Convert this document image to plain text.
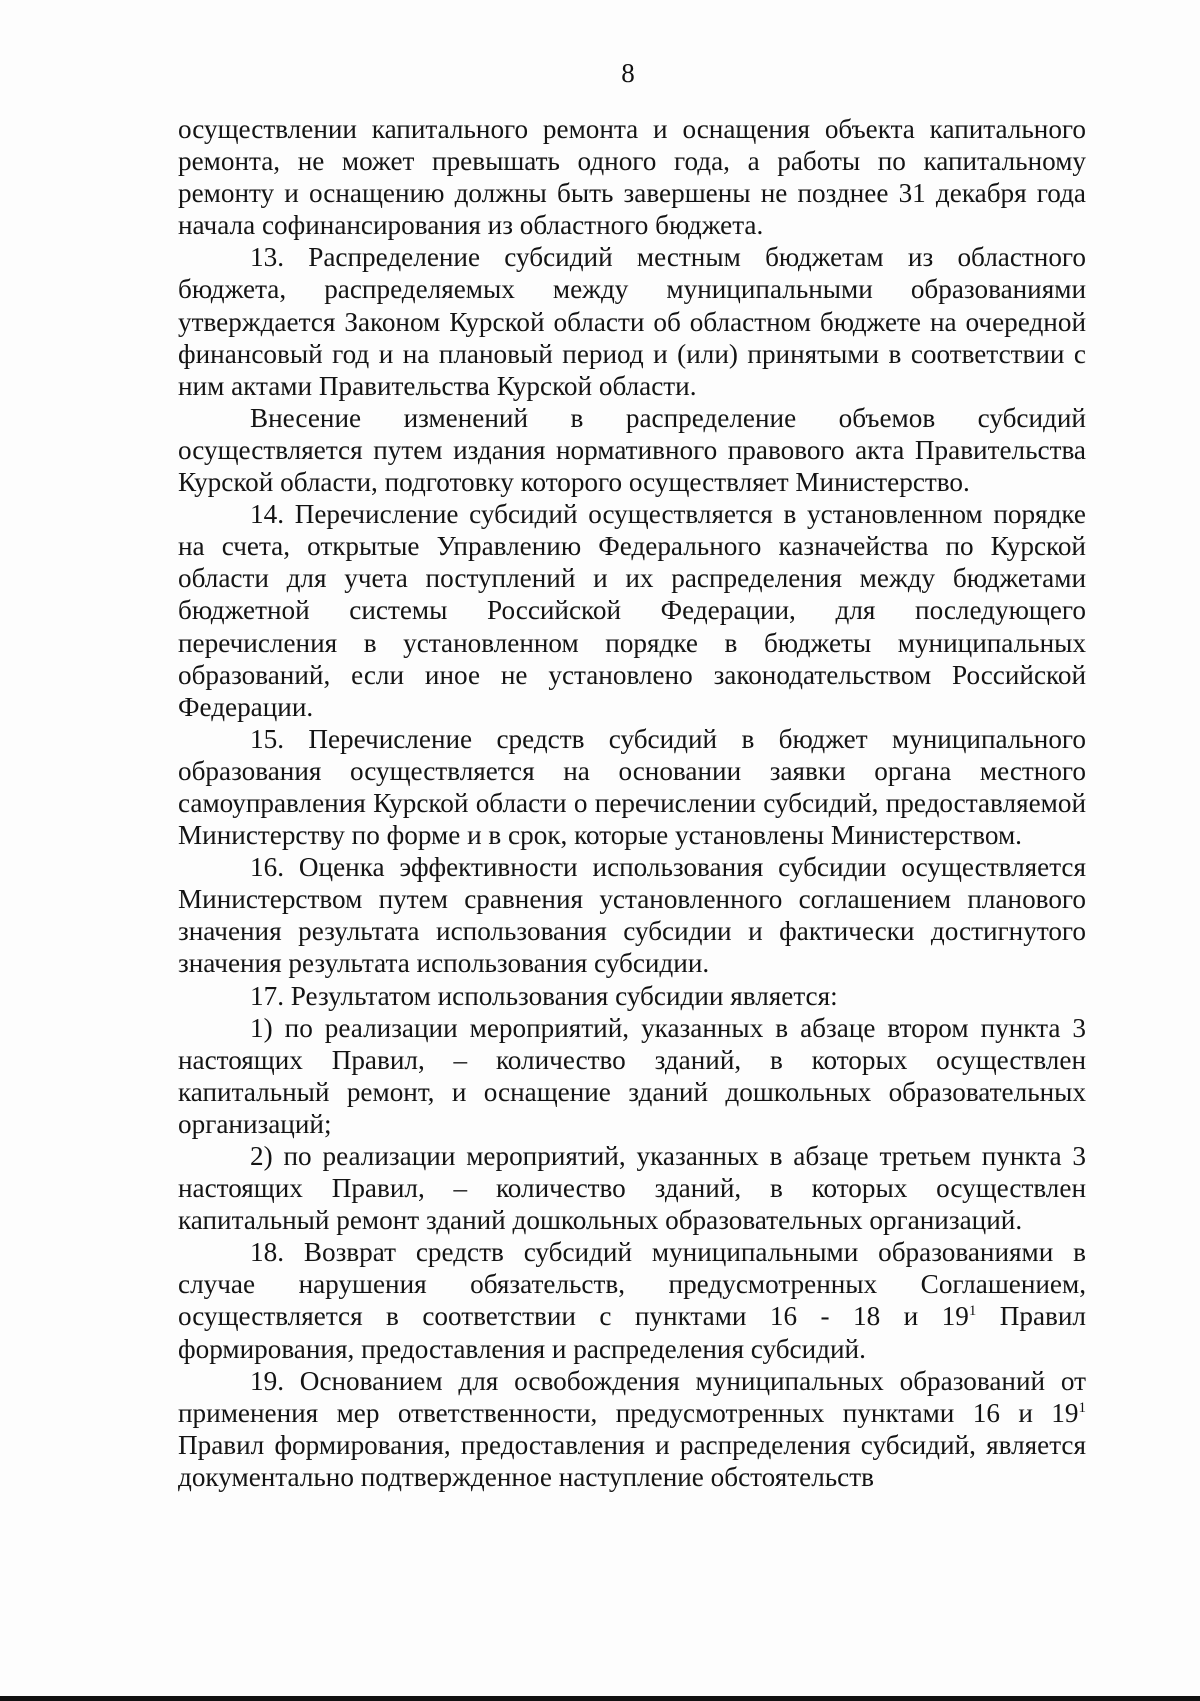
8

осуществлении капитального ремонта и оснащения объекта капитального ремонта, не может превышать одного года, а работы по капитальному ремонту и оснащению должны быть завершены не позднее 31 декабря года начала софинансирования из областного бюджета.

13. Распределение субсидий местным бюджетам из областного бюджета, распределяемых между муниципальными образованиями утверждается Законом Курской области об областном бюджете на очередной финансовый год и на плановый период и (или) принятыми в соответствии с ним актами Правительства Курской области.

Внесение изменений в распределение объемов субсидий осуществляется путем издания нормативного правового акта Правительства Курской области, подготовку которого осуществляет Министерство.

14. Перечисление субсидий осуществляется в установленном порядке на счета, открытые Управлению Федерального казначейства по Курской области для учета поступлений и их распределения между бюджетами бюджетной системы Российской Федерации, для последующего перечисления в установленном порядке в бюджеты муниципальных образований, если иное не установлено законодательством Российской Федерации.

15. Перечисление средств субсидий в бюджет муниципального образования осуществляется на основании заявки органа местного самоуправления Курской области о перечислении субсидий, предоставляемой Министерству по форме и в срок, которые установлены Министерством.

16. Оценка эффективности использования субсидии осуществляется Министерством путем сравнения установленного соглашением планового значения результата использования субсидии и фактически достигнутого значения результата использования субсидии.

17. Результатом использования субсидии является:

1) по реализации мероприятий, указанных в абзаце втором пункта 3 настоящих Правил, – количество зданий, в которых осуществлен капитальный ремонт, и оснащение зданий дошкольных образовательных организаций;

2) по реализации мероприятий, указанных в абзаце третьем пункта 3 настоящих Правил, – количество зданий, в которых осуществлен капитальный ремонт зданий дошкольных образовательных организаций.

18. Возврат средств субсидий муниципальными образованиями в случае нарушения обязательств, предусмотренных Соглашением, осуществляется в соответствии с пунктами 16 - 18 и $19^1$ Правил формирования, предоставления и распределения субсидий.

19. Основанием для освобождения муниципальных образований от применения мер ответственности, предусмотренных пунктами 16 и $19^1$ Правил формирования, предоставления и распределения субсидий, является документально подтвержденное наступление обстоятельств
